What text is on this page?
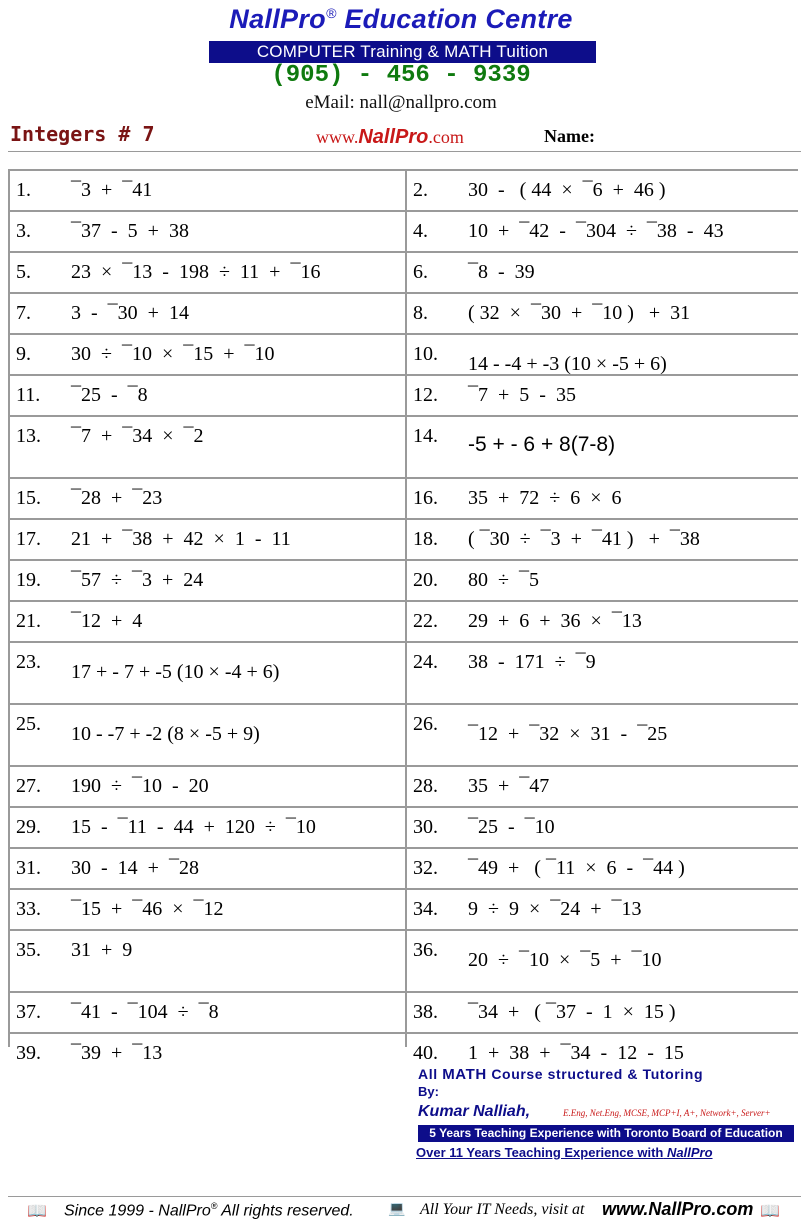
NallPro® Education Centre
COMPUTER Training & MATH Tuition
(905) - 456 - 9339
eMail: nall@nallpro.com
Integers # 7	www.NallPro.com	Name:
1.	¯3  +  ¯41	2.	30  -   ( 44  ×  ¯6  +  46 )
3.	¯37  -  5  +  38	4.	10  +  ¯42  -  ¯304  ÷  ¯38  -  43
5.	23  ×  ¯13  -  198  ÷  11  +  ¯16	6.	¯8  -  39
7.	3  -  ¯30  +  14	8.	( 32  ×  ¯30  +  ¯10 )   +  31
9.	30  ÷  ¯10  ×  ¯15  +  ¯10	10.	14 - -4 + -3 (10 × -5 + 6)
11.	¯25  -  ¯8	12.	¯7  +  5  -  35
13.	¯7  +  ¯34  ×  ¯2	14.	-5 + - 6 + 8(7-8)
15.	¯28  +  ¯23	16.	35  +  72  ÷  6  ×  6
17.	21  +  ¯38  +  42  ×  1  -  11	18.	( ¯30  ÷  ¯3  +  ¯41 )   +  ¯38
19.	¯57  ÷  ¯3  +  24	20.	80  ÷  ¯5
21.	¯12  +  4	22.	29  +  6  +  36  ×  ¯13
23.	17 + - 7 + -5 (10 × -4 + 6)	24.	38  -  171  ÷  ¯9
25.	10 - -7 + -2 (8 × -5 + 9)	26.	¯12  +  ¯32  ×  31  -  ¯25
27.	190  ÷  ¯10  -  20	28.	35  +  ¯47
29.	15  -  ¯11  -  44  +  120  ÷  ¯10	30.	¯25  -  ¯10
31.	30  -  14  +  ¯28	32.	¯49  +   ( ¯11  ×  6  -  ¯44 )
33.	¯15  +  ¯46  ×  ¯12	34.	9  ÷  9  ×  ¯24  +  ¯13
35.	31  +  9	36.	20  ÷  ¯10  ×  ¯5  +  ¯10
37.	¯41  -  ¯104  ÷  ¯8	38.	¯34  +   ( ¯37  -  1  ×  15 )
39.	¯39  +  ¯13	40.	1  +  38  +  ¯34  -  12  -  15
All MATH Course structured & Tutoring
By:
Kumar Nalliah,	E.Eng, Net.Eng, MCSE, MCP+I, A+, Network+, Server+
5 Years Teaching Experience with Toronto Board of Education
Over 11 Years Teaching Experience with NallPro
📖 Since 1999 - NallPro® All rights reserved. 💻 All Your IT Needs, visit at www.NallPro.com 📖
